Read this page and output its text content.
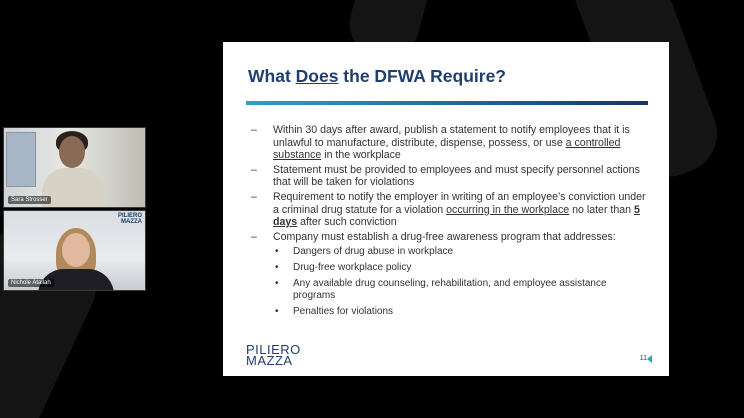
Sara Strosser
PILIERO
MAZZA
Nichole Atallah
What Does the DFWA Require?
–	Within 30 days after award, publish a statement to notify employees that it is unlawful to manufacture, distribute, dispense, possess, or use a controlled substance in the workplace
–	Statement must be provided to employees and must specify personnel actions that will be taken for violations
–	Requirement to notify the employer in writing of an employee’s conviction under a criminal drug statute for a violation occurring in the workplace no later than 5 days after such conviction
–	Company must establish a drug-free awareness program that addresses:
• Dangers of drug abuse in workplace
• Drug-free workplace policy
• Any available drug counseling, rehabilitation, and employee assistance programs
• Penalties for violations
PILIERO
MAZZA	11
